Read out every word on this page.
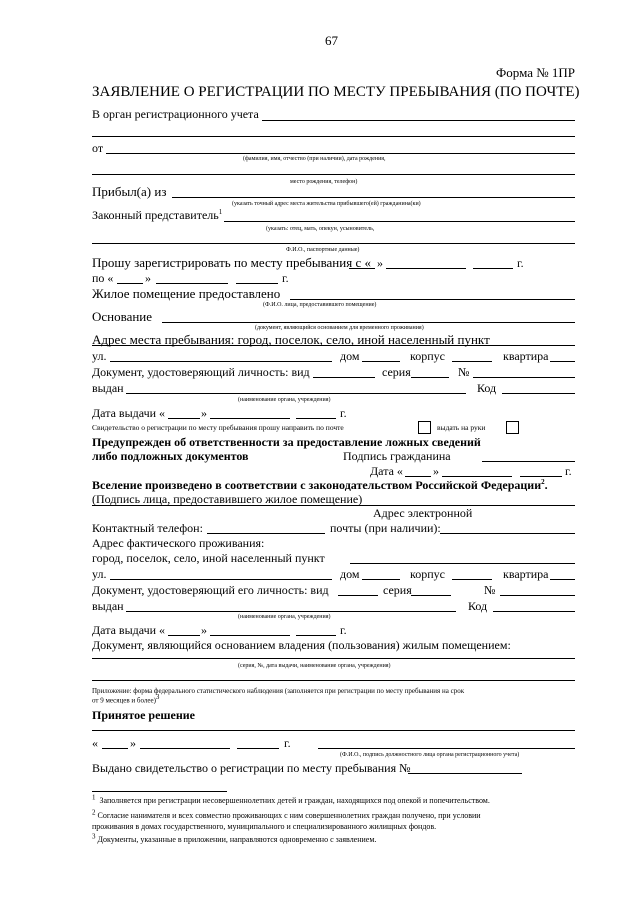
67
Форма № 1ПР
ЗАЯВЛЕНИЕ О РЕГИСТРАЦИИ ПО МЕСТУ ПРЕБЫВАНИЯ (ПО ПОЧТЕ)
В орган регистрационного учета
от
(фамилия, имя, отчество (при наличии), дата рождения,
место рождения, телефон)
Прибыл(а) из
(указать точный адрес места жительства прибывшего(ей) гражданина(ки)
Законный представитель$^1$
(указать: отец, мать, опекун, усыновитель,
Ф.И.О., паспортные данные)
Прошу зарегистрировать по месту пребывания с « »	г.
по «	»	г.
Жилое помещение предоставлено
(Ф.И.О. лица, предоставившего помещение)
Основание
(документ, являющийся основанием для временного проживания)
Адрес места пребывания: город, поселок, село, иной населенный пункт
ул.	дом	корпус	квартира
Документ, удостоверяющий личность: вид	серия	№
выдан	Код
(наименование органа, учреждения)
Дата выдачи «	»	г.
Свидетельство о регистрации по месту пребывания прошу направить по почте	выдать на руки
Предупрежден об ответственности за предоставление ложных сведений
либо подложных документов	Подпись гражданина
Дата «	»	г.
Вселение произведено в соответствии с законодательством Российской Федерации$^2$.
(Подпись лица, предоставившего жилое помещение)
Адрес электронной
Контактный телефон:	почты (при наличии):
Адрес фактического проживания:
город, поселок, село, иной населенный пункт
ул.	дом	корпус	квартира
Документ, удостоверяющий его личность: вид	серия	№
выдан	Код
(наименование органа, учреждения)
Дата выдачи «	»	г.
Документ, являющийся основанием владения (пользования) жилым помещением:
(серия, №, дата выдачи, наименование органа, учреждения)
Приложение: форма федерального статистического наблюдения (заполняется при регистрации по месту пребывания на срок
от 9 месяцев и более)$^3$
Принятое решение
«	»	г.
(Ф.И.О., подпись должностного лица органа регистрационного учета)
Выдано свидетельство о регистрации по месту пребывания №
$^1$ Заполняется при регистрации несовершеннолетних детей и граждан, находящихся под опекой и попечительством.
$^2$ Согласие нанимателя и всех совместно проживающих с ним совершеннолетних граждан получено, при условии
проживания в домах государственного, муниципального и специализированного жилищных фондов.
$^3$ Документы, указанные в приложении, направляются одновременно с заявлением.
